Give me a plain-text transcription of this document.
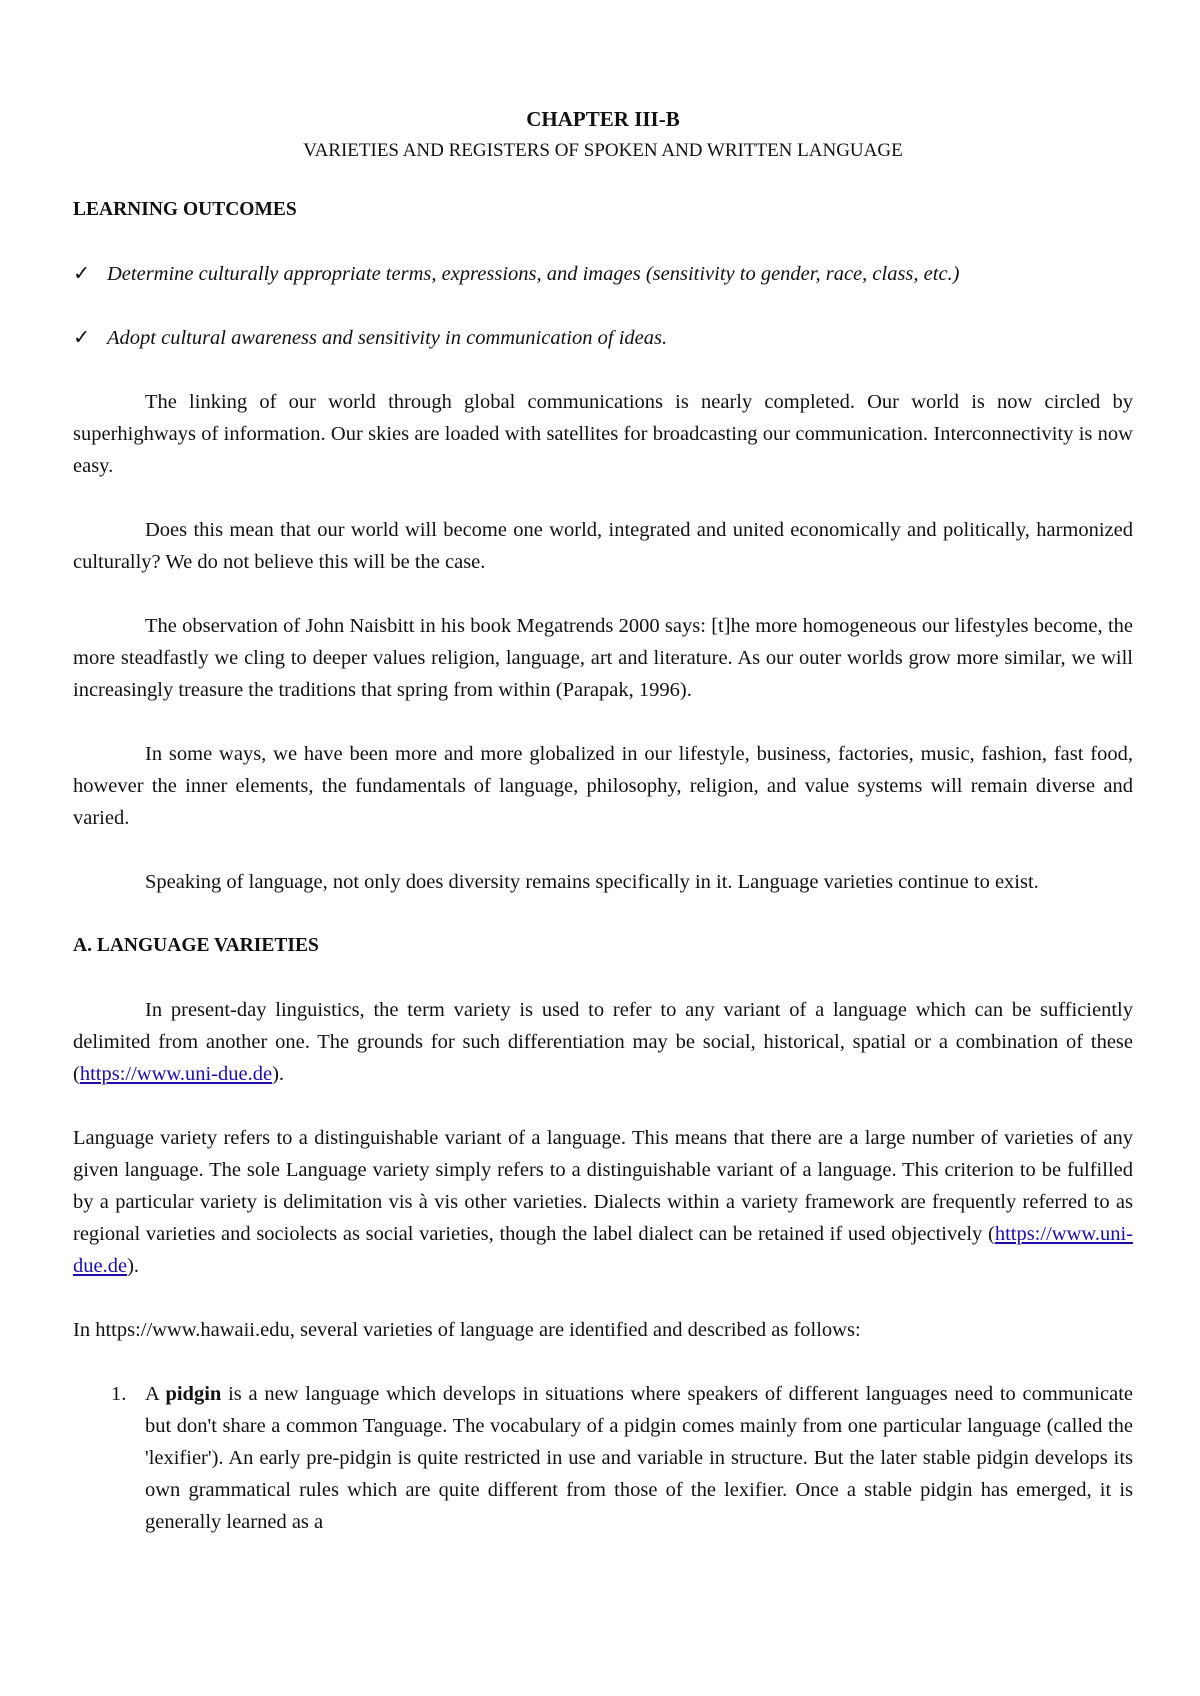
CHAPTER III-B

VARIETIES AND REGISTERS OF SPOKEN AND WRITTEN LANGUAGE

LEARNING OUTCOMES

✓ Determine culturally appropriate terms, expressions, and images (sensitivity to gender, race, class, etc.)
✓ Adopt cultural awareness and sensitivity in communication of ideas.

The linking of our world through global communications is nearly completed. Our world is now circled by superhighways of information. Our skies are loaded with satellites for broadcasting our communication. Interconnectivity is now easy.

Does this mean that our world will become one world, integrated and united economically and politically, harmonized culturally? We do not believe this will be the case.

The observation of John Naisbitt in his book Megatrends 2000 says: [t]he more homogeneous our lifestyles become, the more steadfastly we cling to deeper values religion, language, art and literature. As our outer worlds grow more similar, we will increasingly treasure the traditions that spring from within (Parapak, 1996).

In some ways, we have been more and more globalized in our lifestyle, business, factories, music, fashion, fast food, however the inner elements, the fundamentals of language, philosophy, religion, and value systems will remain diverse and varied.

Speaking of language, not only does diversity remains specifically in it. Language varieties continue to exist.

A. LANGUAGE VARIETIES

In present-day linguistics, the term variety is used to refer to any variant of a language which can be sufficiently delimited from another one. The grounds for such differentiation may be social, historical, spatial or a combination of these (https://www.uni-due.de).

Language variety refers to a distinguishable variant of a language. This means that there are a large number of varieties of any given language. The sole Language variety simply refers to a distinguishable variant of a language. This criterion to be fulfilled by a particular variety is delimitation vis à vis other varieties. Dialects within a variety framework are frequently referred to as regional varieties and sociolects as social varieties, though the label dialect can be retained if used objectively (https://www.uni-due.de).

In https://www.hawaii.edu, several varieties of language are identified and described as follows:

1. A pidgin is a new language which develops in situations where speakers of different languages need to communicate but don't share a common Tanguage. The vocabulary of a pidgin comes mainly from one particular language (called the 'lexifier'). An early pre-pidgin is quite restricted in use and variable in structure. But the later stable pidgin develops its own grammatical rules which are quite different from those of the lexifier. Once a stable pidgin has emerged, it is generally learned as a
